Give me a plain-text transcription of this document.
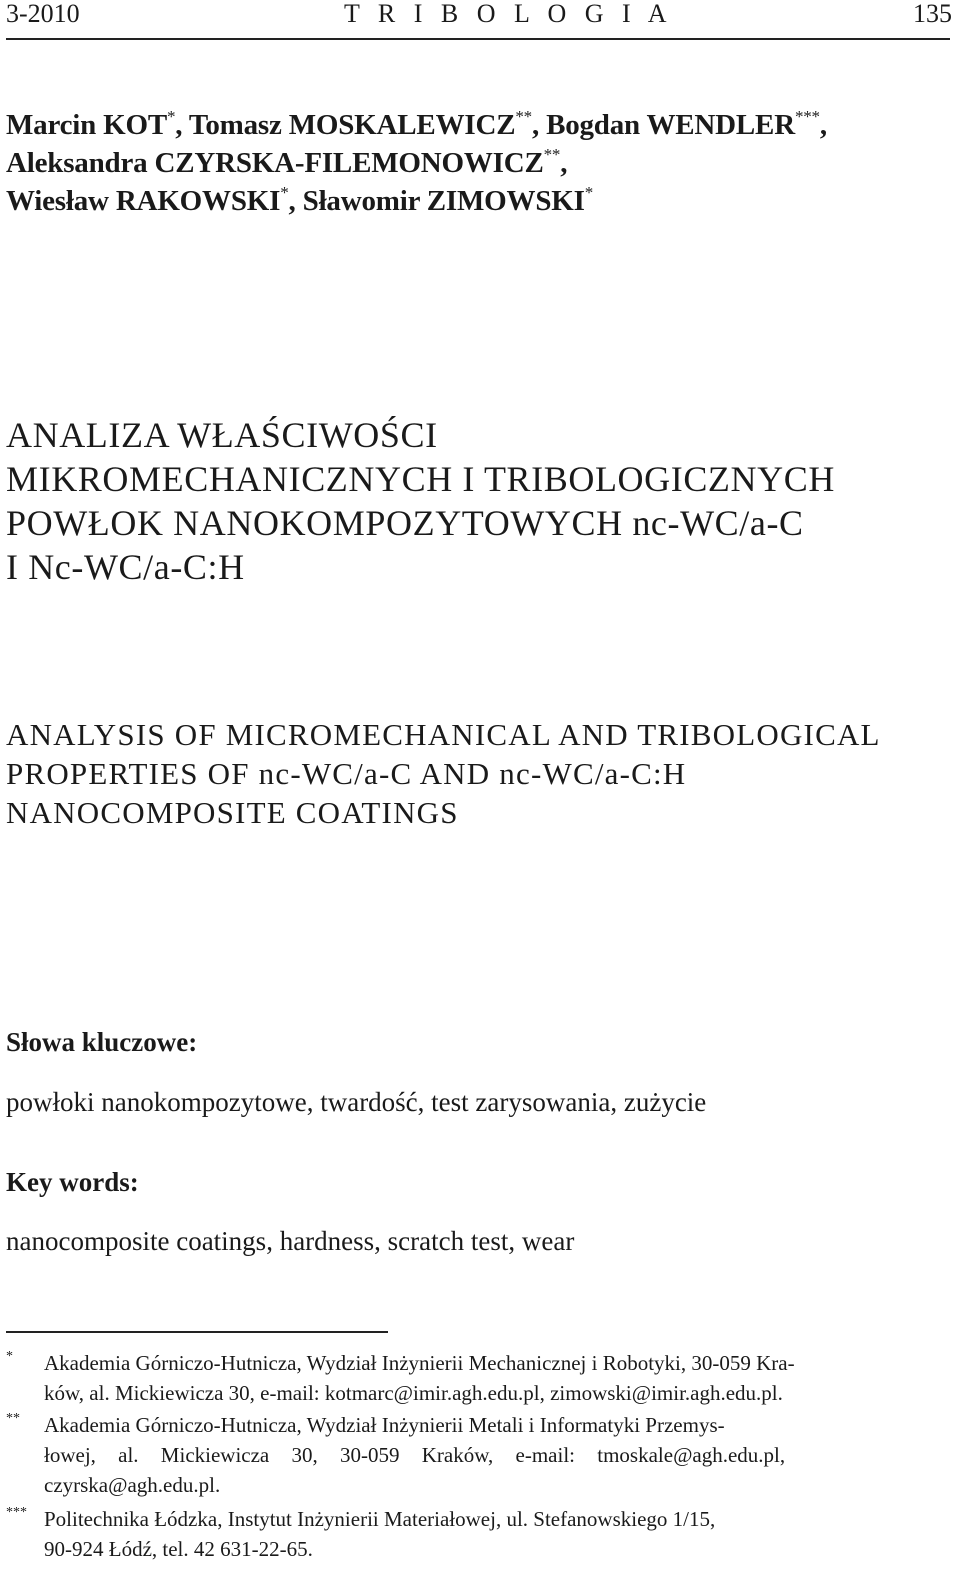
3-2010	T R I B O L O G I A	135
Marcin KOT*, Tomasz MOSKALEWICZ**, Bogdan WENDLER***,
Aleksandra CZYRSKA-FILEMONOWICZ**,
Wiesław RAKOWSKI*, Sławomir ZIMOWSKI*
ANALIZA WŁAŚCIWOŚCI
MIKROMECHANICZNYCH I TRIBOLOGICZNYCH
POWŁOK NANOKOMPOZYTOWYCH nc-WC/a-C
I Nc-WC/a-C:H
ANALYSIS OF MICROMECHANICAL AND TRIBOLOGICAL
PROPERTIES OF nc-WC/a-C AND nc-WC/a-C:H
NANOCOMPOSITE COATINGS
Słowa kluczowe:
powłoki nanokompozytowe, twardość, test zarysowania, zużycie
Key words:
nanocomposite coatings, hardness, scratch test, wear
* Akademia Górniczo-Hutnicza, Wydział Inżynierii Mechanicznej i Robotyki, 30-059 Kra-
ków, al. Mickiewicza 30, e-mail: kotmarc@imir.agh.edu.pl, zimowski@imir.agh.edu.pl.
** Akademia Górniczo-Hutnicza, Wydział Inżynierii Metali i Informatyki Przemys-
łowej, al. Mickiewicza 30, 30-059 Kraków, e-mail: tmoskale@agh.edu.pl,
czyrska@agh.edu.pl.
*** Politechnika Łódzka, Instytut Inżynierii Materiałowej, ul. Stefanowskiego 1/15,
90-924 Łódź, tel. 42 631-22-65.
